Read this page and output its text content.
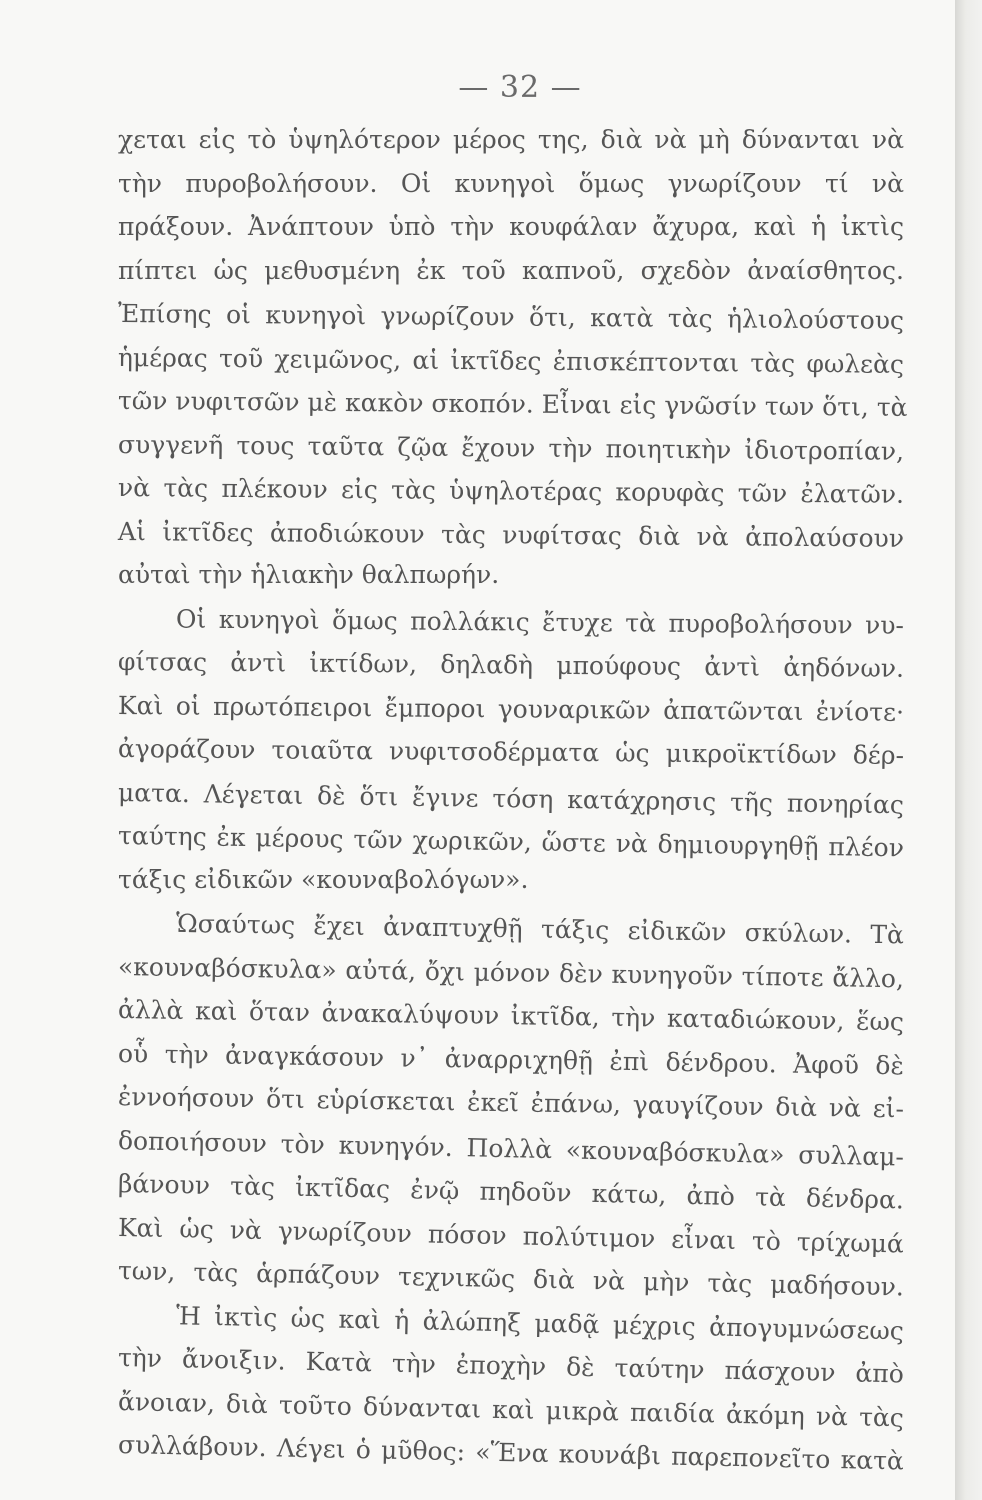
— 32 —
χεται εἰς τὸ ὑψηλότερον μέρος της, διὰ νὰ μὴ δύνανται νὰ
τὴν πυροβολήσουν. Οἱ κυνηγοὶ ὅμως γνωρίζουν τί νὰ
πράξουν. Ἀνάπτουν ὑπὸ τὴν κουφάλαν ἄχυρα, καὶ ἡ ἰκτὶς
πίπτει ὡς μεθυσμένη ἐκ τοῦ καπνοῦ, σχεδὸν ἀναίσθητος.
Ἐπίσης οἱ κυνηγοὶ γνωρίζουν ὅτι, κατὰ τὰς ἡλιολούστους
ἡμέρας τοῦ χειμῶνος, αἱ ἰκτῖδες ἐπισκέπτονται τὰς φωλεὰς
τῶν νυφιτσῶν μὲ κακὸν σκοπόν. Εἶναι εἰς γνῶσίν των ὅτι, τὰ
συγγενῆ τους ταῦτα ζῷα ἔχουν τὴν ποιητικὴν ἰδιοτροπίαν,
νὰ τὰς πλέκουν εἰς τὰς ὑψηλοτέρας κορυφὰς τῶν ἐλατῶν.
Αἱ ἰκτῖδες ἀποδιώκουν τὰς νυφίτσας διὰ νὰ ἀπολαύσουν
αὐταὶ τὴν ἡλιακὴν θαλπωρήν.
Οἱ κυνηγοὶ ὅμως πολλάκις ἔτυχε τὰ πυροβολήσουν νυ-
φίτσας ἀντὶ ἰκτίδων, δηλαδὴ μπούφους ἀντὶ ἀηδόνων.
Καὶ οἱ πρωτόπειροι ἔμποροι γουναρικῶν ἀπατῶνται ἐνίοτε·
ἀγοράζουν τοιαῦτα νυφιτσοδέρματα ὡς μικροϊκτίδων δέρ-
ματα. Λέγεται δὲ ὅτι ἔγινε τόση κατάχρησις τῆς πονηρίας
ταύτης ἐκ μέρους τῶν χωρικῶν, ὥστε νὰ δημιουργηθῇ πλέον
τάξις εἰδικῶν «κουναβολόγων».
Ὡσαύτως ἔχει ἀναπτυχθῇ τάξις εἰδικῶν σκύλων. Τὰ
«κουναβόσκυλα» αὐτά, ὄχι μόνον δὲν κυνηγοῦν τίποτε ἄλλο,
ἀλλὰ καὶ ὅταν ἀνακαλύψουν ἰκτῖδα, τὴν καταδιώκουν, ἕως
οὗ τὴν ἀναγκάσουν ν᾿ ἀναρριχηθῇ ἐπὶ δένδρου. Ἀφοῦ δὲ
ἐννοήσουν ὅτι εὑρίσκεται ἐκεῖ ἐπάνω, γαυγίζουν διὰ νὰ εἰ-
δοποιήσουν τὸν κυνηγόν. Πολλὰ «κουναβόσκυλα» συλλαμ-
βάνουν τὰς ἰκτῖδας ἐνῷ πηδοῦν κάτω, ἀπὸ τὰ δένδρα.
Καὶ ὡς νὰ γνωρίζουν πόσον πολύτιμον εἶναι τὸ τρίχωμά
των, τὰς ἁρπάζουν τεχνικῶς διὰ νὰ μὴν τὰς μαδήσουν.
Ἡ ἰκτὶς ὡς καὶ ἡ ἀλώπηξ μαδᾷ μέχρις ἀπογυμνώσεως
τὴν ἄνοιξιν. Κατὰ τὴν ἐποχὴν δὲ ταύτην πάσχουν ἀπὸ
ἄνοιαν, διὰ τοῦτο δύνανται καὶ μικρὰ παιδία ἀκόμη νὰ τὰς
συλλάβουν. Λέγει ὁ μῦθος: «Ἕνα κουνάβι παρεπονεῖτο κατὰ
